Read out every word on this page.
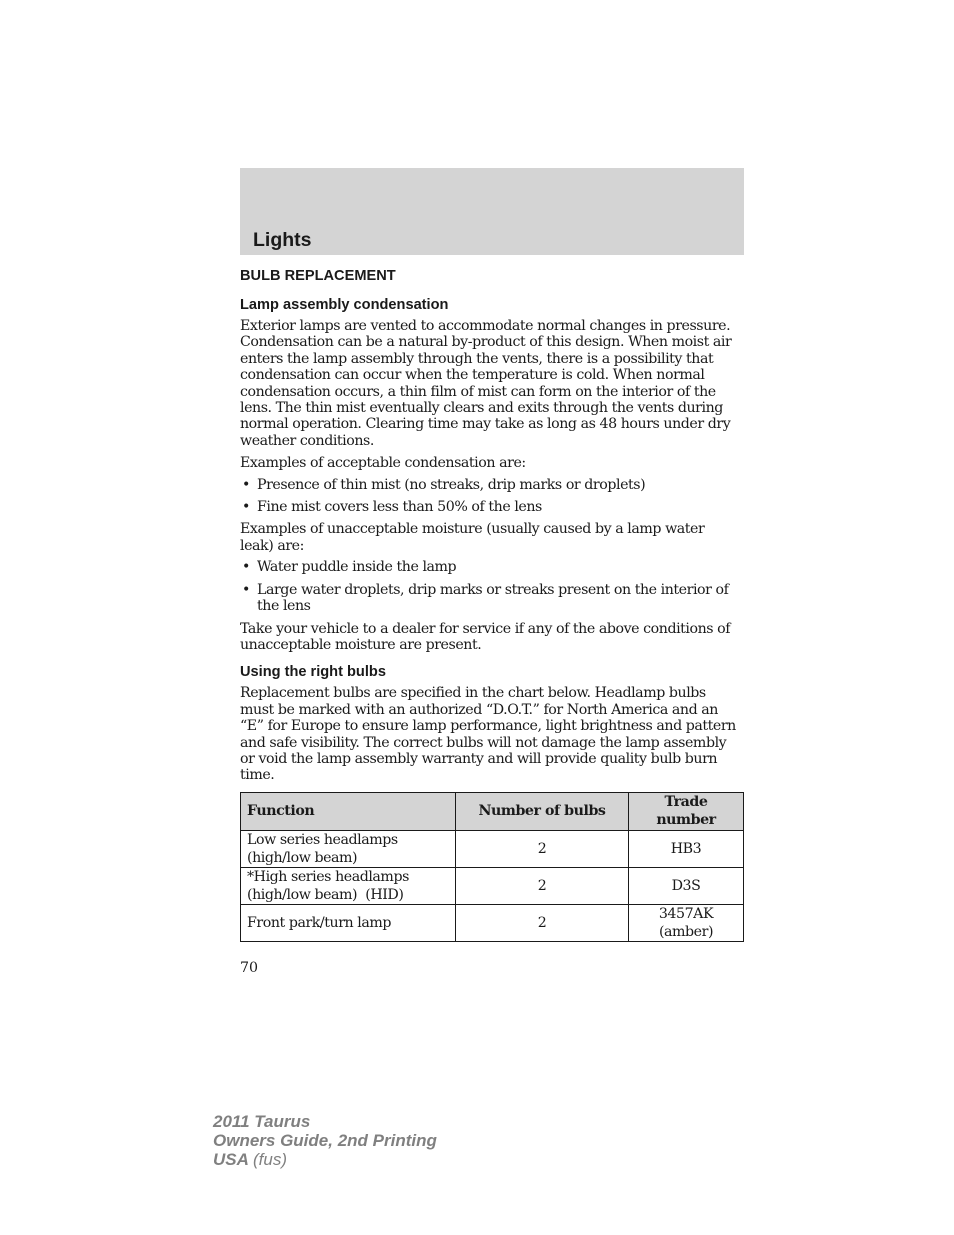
Lights
BULB REPLACEMENT
Lamp assembly condensation

Exterior lamps are vented to accommodate normal changes in pressure.
Condensation can be a natural by-product of this design. When moist air
enters the lamp assembly through the vents, there is a possibility that
condensation can occur when the temperature is cold. When normal
condensation occurs, a thin film of mist can form on the interior of the
lens. The thin mist eventually clears and exits through the vents during
normal operation. Clearing time may take as long as 48 hours under dry
weather conditions.

Examples of acceptable condensation are:

• Presence of thin mist (no streaks, drip marks or droplets)
• Fine mist covers less than 50% of the lens

Examples of unacceptable moisture (usually caused by a lamp water
leak) are:

• Water puddle inside the lamp
• Large water droplets, drip marks or streaks present on the interior of
the lens

Take your vehicle to a dealer for service if any of the above conditions of
unacceptable moisture are present.

Using the right bulbs

Replacement bulbs are specified in the chart below. Headlamp bulbs
must be marked with an authorized “D.O.T.” for North America and an
“E” for Europe to ensure lamp performance, light brightness and pattern
and safe visibility. The correct bulbs will not damage the lamp assembly
or void the lamp assembly warranty and will provide quality bulb burn
time.

Function	Number of bulbs	Trade
number
Low series headlamps
(high/low beam)	2	HB3
*High series headlamps
(high/low beam)  (HID)	2	D3S
Front park/turn lamp	2	3457AK
(amber)
70
2011 Taurus
Owners Guide, 2nd Printing
USA (fus)
